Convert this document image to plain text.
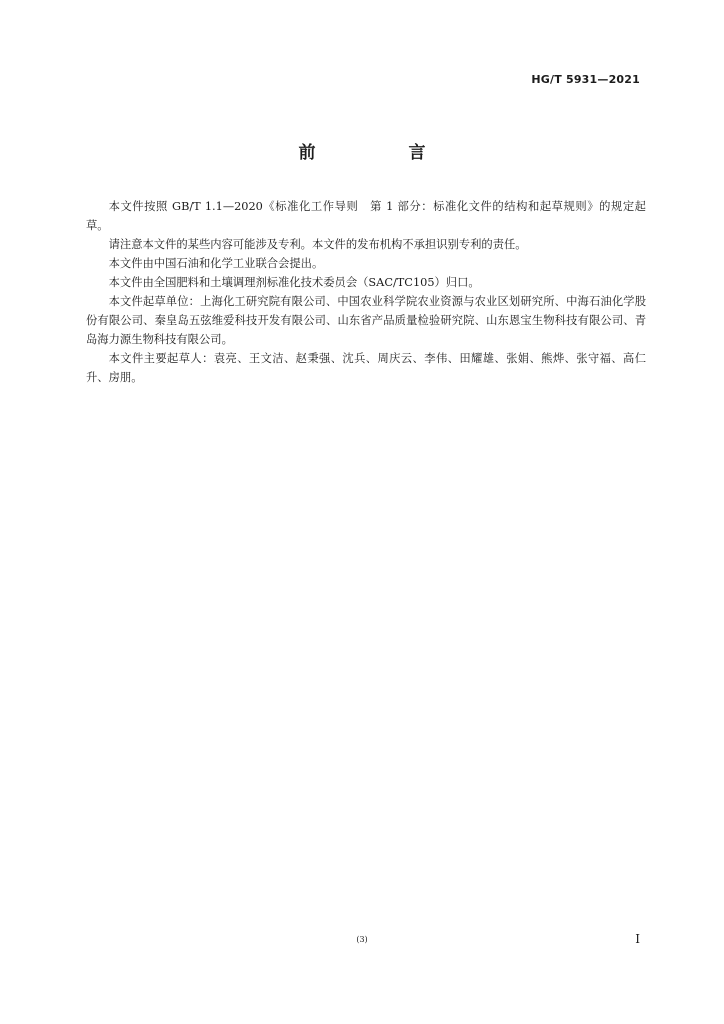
HG/T 5931—2021
前　言

本文件按照 GB/T 1.1—2020《标准化工作导则　第 1 部分：标准化文件的结构和起草规则》的规定起草。

请注意本文件的某些内容可能涉及专利。本文件的发布机构不承担识别专利的责任。

本文件由中国石油和化学工业联合会提出。

本文件由全国肥料和土壤调理剂标准化技术委员会（SAC/TC105）归口。

本文件起草单位：上海化工研究院有限公司、中国农业科学院农业资源与农业区划研究所、中海石油化学股份有限公司、秦皇岛五弦维爱科技开发有限公司、山东省产品质量检验研究院、山东恩宝生物科技有限公司、青岛海力源生物科技有限公司。

本文件主要起草人：袁亮、王文洁、赵秉强、沈兵、周庆云、李伟、田耀雄、张娟、熊烨、张守福、高仁升、房朋。

(3)	I
